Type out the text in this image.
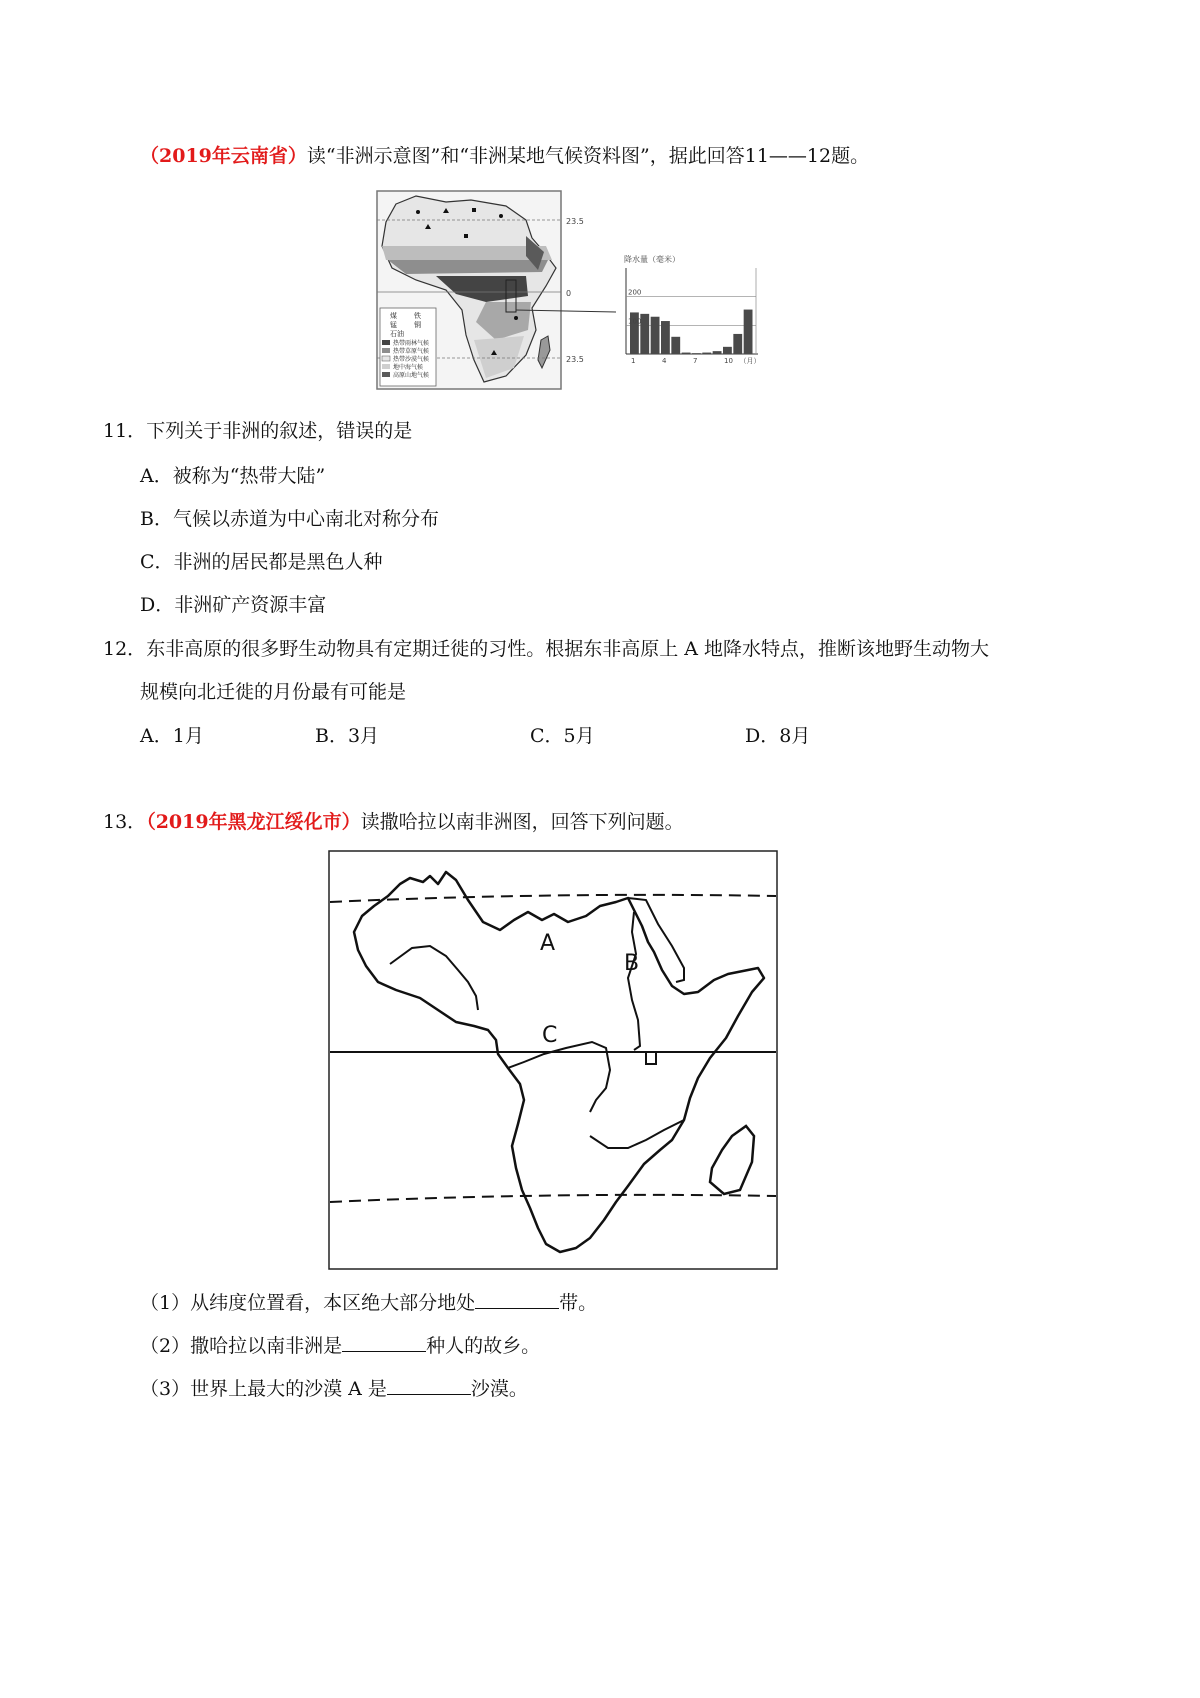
（2019年云南省）读“非洲示意图”和“非洲某地气候资料图”，据此回答11——12题。
23.5
0
23.5
煤 铁
锰 铜
石油
热带雨林气候
热带草原气候
热带沙漠气候
地中海气候
高原山地气候
降水量（毫米）
100
200
1	4	7	10 （月）
11．下列关于非洲的叙述，错误的是
A．被称为“热带大陆”
B．气候以赤道为中心南北对称分布
C．非洲的居民都是黑色人种
D．非洲矿产资源丰富
12．东非高原的很多野生动物具有定期迁徙的习性。根据东非高原上 A 地降水特点，推断该地野生动物大
规模向北迁徙的月份最有可能是
A．1月	B．3月	C．5月	D．8月
13．（2019年黑龙江绥化市）读撒哈拉以南非洲图，回答下列问题。
A
B
C
（1）从纬度位置看，本区绝大部分地处	带。
（2）撒哈拉以南非洲是	种人的故乡。
（3）世界上最大的沙漠 A 是	沙漠。
